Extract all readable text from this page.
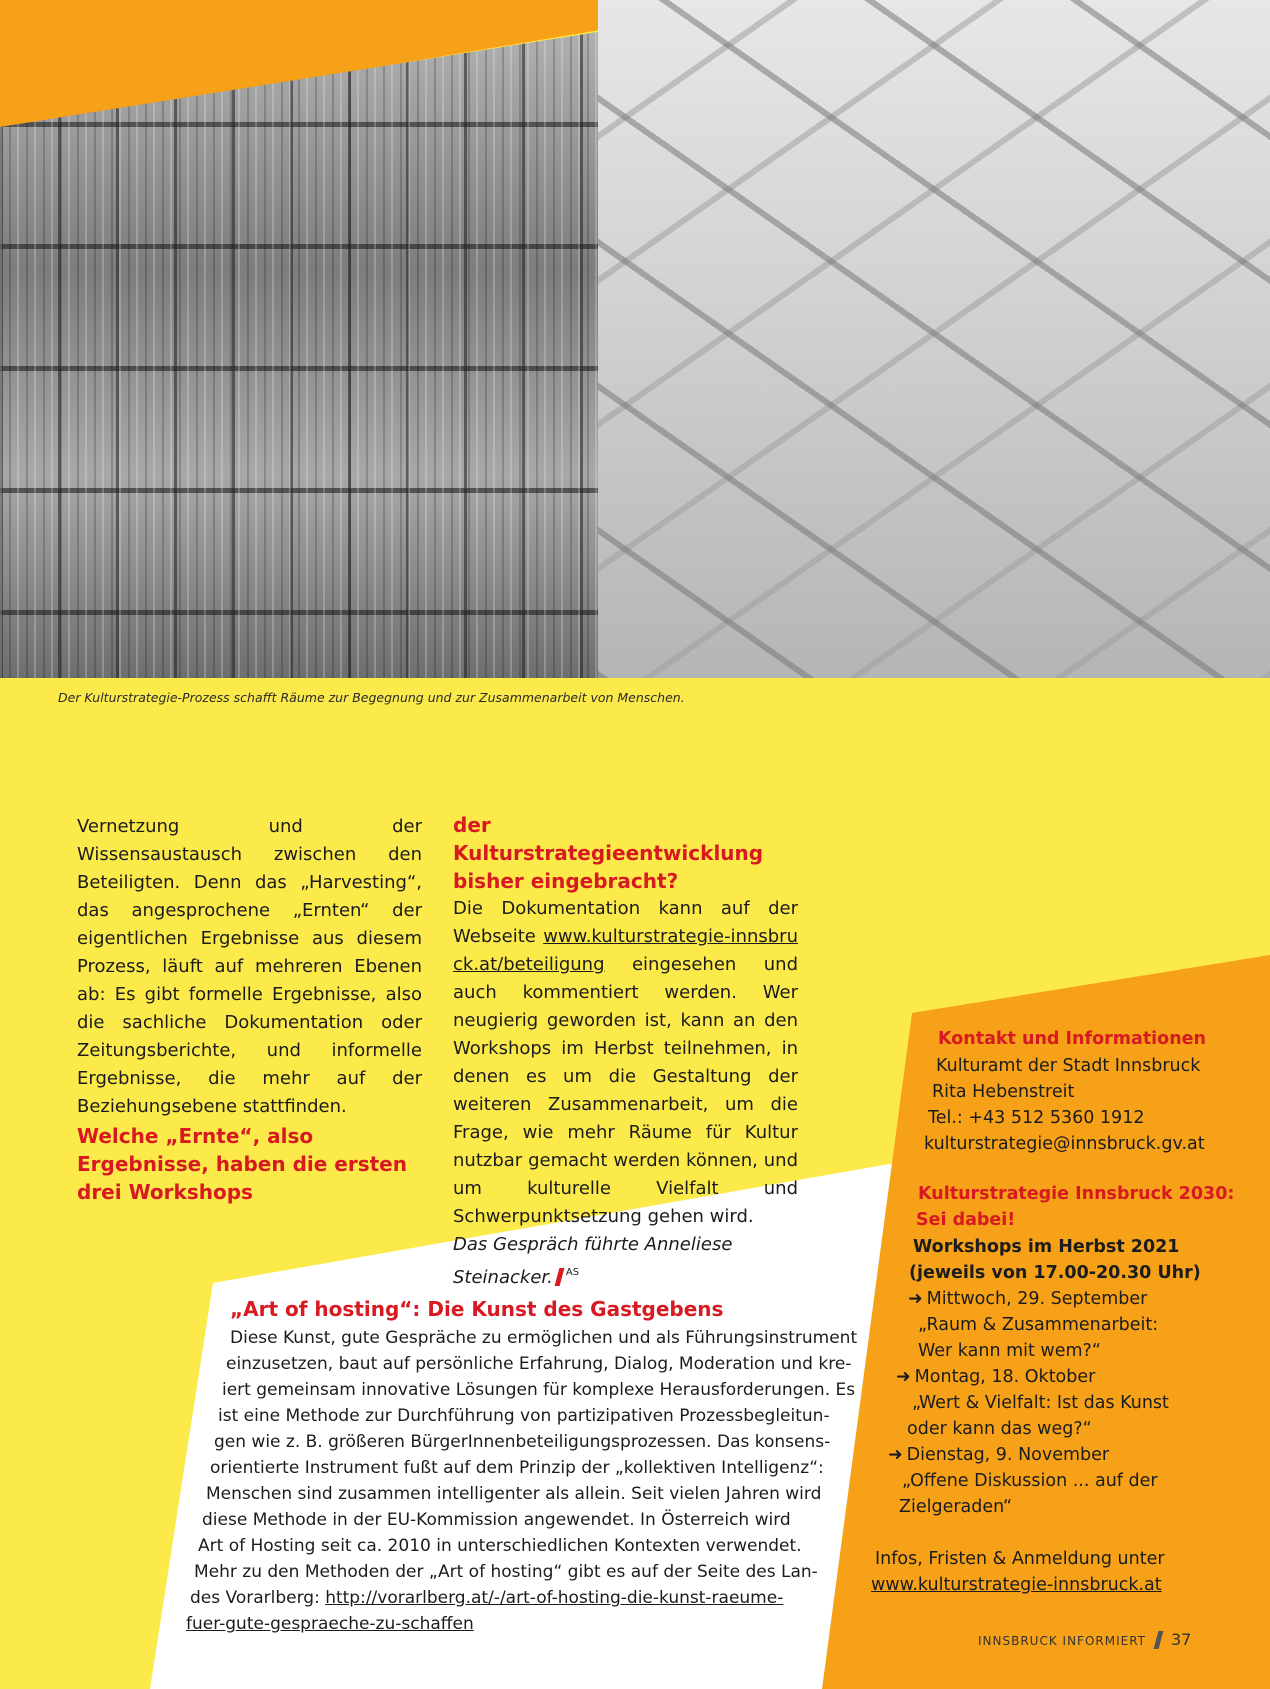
Der Kulturstrategie-Prozess schafft Räume zur Begegnung und zur Zusammenarbeit von Menschen.
Vernetzung und der Wissensaustausch zwischen den Beteiligten. Denn das „Harvesting“, das angesprochene „Ernten“ der eigentlichen Ergebnisse aus diesem Prozess, läuft auf mehreren Ebenen ab: Es gibt formelle Ergebnisse, also die sachliche Dokumentation oder Zeitungsberichte, und informelle Ergebnisse, die mehr auf der Beziehungsebene stattfinden.
Welche „Ernte“, also Ergebnisse, haben die ersten drei Workshops
der Kulturstrategieentwicklung bisher eingebracht?
Die Dokumentation kann auf der Webseite www.kulturstrategie-innsbruck.at/beteiligung eingesehen und auch kommentiert werden. Wer neugierig geworden ist, kann an den Workshops im Herbst teilnehmen, in denen es um die Gestaltung der weiteren Zusammenarbeit, um die Frage, wie mehr Räume für Kultur nutzbar gemacht werden können, und um kulturelle Vielfalt und Schwerpunktsetzung gehen wird.
Das Gespräch führte Anneliese Steinacker. $^{AS}$
„Art of hosting“: Die Kunst des Gastgebens
Diese Kunst, gute Gespräche zu ermöglichen und als Führungsinstrument
einzusetzen, baut auf persönliche Erfahrung, Dialog, Moderation und kre-
iert gemeinsam innovative Lösungen für komplexe Herausforderungen. Es
ist eine Methode zur Durchführung von partizipativen Prozessbegleitun-
gen wie z. B. größeren BürgerInnenbeteiligungsprozessen. Das konsens-
orientierte Instrument fußt auf dem Prinzip der „kollektiven Intelligenz“:
Menschen sind zusammen intelligenter als allein. Seit vielen Jahren wird
diese Methode in der EU-Kommission angewendet. In Österreich wird
Art of Hosting seit ca. 2010 in unterschiedlichen Kontexten verwendet.
Mehr zu den Methoden der „Art of hosting“ gibt es auf der Seite des Lan-
des Vorarlberg: http://vorarlberg.at/-/art-of-hosting-die-kunst-raeume-
fuer-gute-gespraeche-zu-schaffen
Kontakt und Informationen
Kulturamt der Stadt Innsbruck
Rita Hebenstreit
Tel.: +43 512 5360 1912
kulturstrategie@innsbruck.gv.at
Kulturstrategie Innsbruck 2030:
Sei dabei!
Workshops im Herbst 2021
(jeweils von 17.00-20.30 Uhr)
➜ Mittwoch, 29. September
„Raum & Zusammenarbeit:
Wer kann mit wem?“
➜ Montag, 18. Oktober
„Wert & Vielfalt: Ist das Kunst
oder kann das weg?“
➜ Dienstag, 9. November
„Offene Diskussion ... auf der
Zielgeraden“
Infos, Fristen & Anmeldung unter
www.kulturstrategie-innsbruck.at
INNSBRUCK INFORMIERT 37
